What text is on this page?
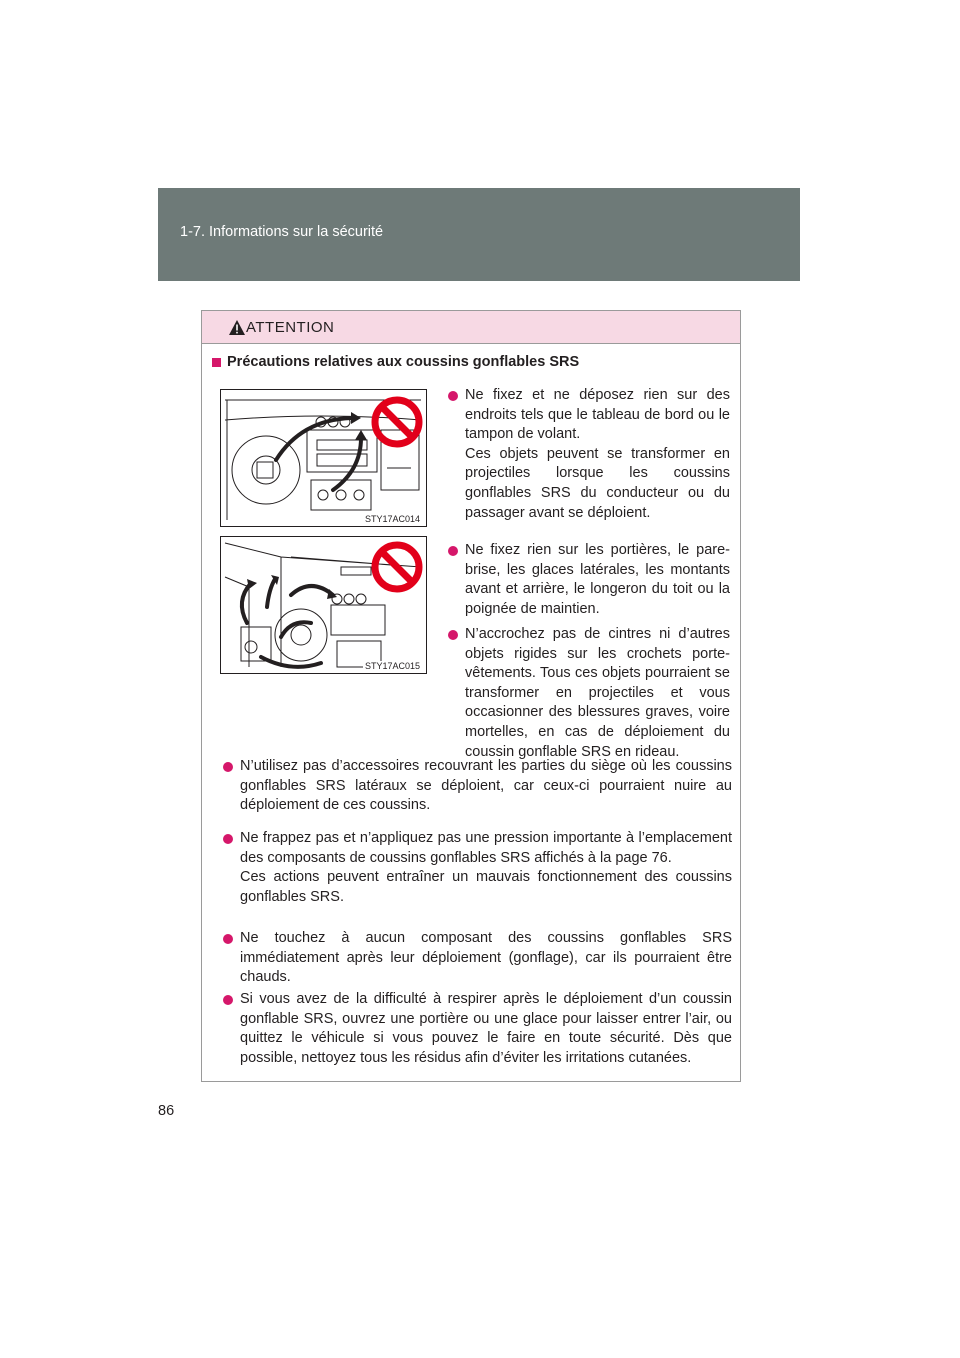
1-7. Informations sur la sécurité
ATTENTION
Précautions relatives aux coussins gonflables SRS
STY17AC014
STY17AC015

Ne fixez et ne déposez rien sur des endroits tels que le tableau de bord ou le tampon de volant.
Ces objets peuvent se transformer en projectiles lorsque les coussins gonflables SRS du conducteur ou du passager avant se déploient.

Ne fixez rien sur les portières, le pare-brise, les glaces latérales, les montants avant et arrière, le longeron du toit ou la poignée de maintien.

N’accrochez pas de cintres ni d’autres objets rigides sur les crochets porte-vêtements. Tous ces objets pourraient se transformer en projectiles et vous occasionner des blessures graves, voire mortelles, en cas de déploiement du coussin gonflable SRS en rideau.

N’utilisez pas d’accessoires recouvrant les parties du siège où les coussins gonflables SRS latéraux se déploient, car ceux-ci pourraient nuire au déploiement de ces coussins.

Ne frappez pas et n’appliquez pas une pression importante à l’emplacement des composants de coussins gonflables SRS affichés à la page 76.
Ces actions peuvent entraîner un mauvais fonctionnement des coussins gonflables SRS.

Ne touchez à aucun composant des coussins gonflables SRS immédiatement après leur déploiement (gonflage), car ils pourraient être chauds.

Si vous avez de la difficulté à respirer après le déploiement d’un coussin gonflable SRS, ouvrez une portière ou une glace pour laisser entrer l’air, ou quittez le véhicule si vous pouvez le faire en toute sécurité. Dès que possible, nettoyez tous les résidus afin d’éviter les irritations cutanées.

86
